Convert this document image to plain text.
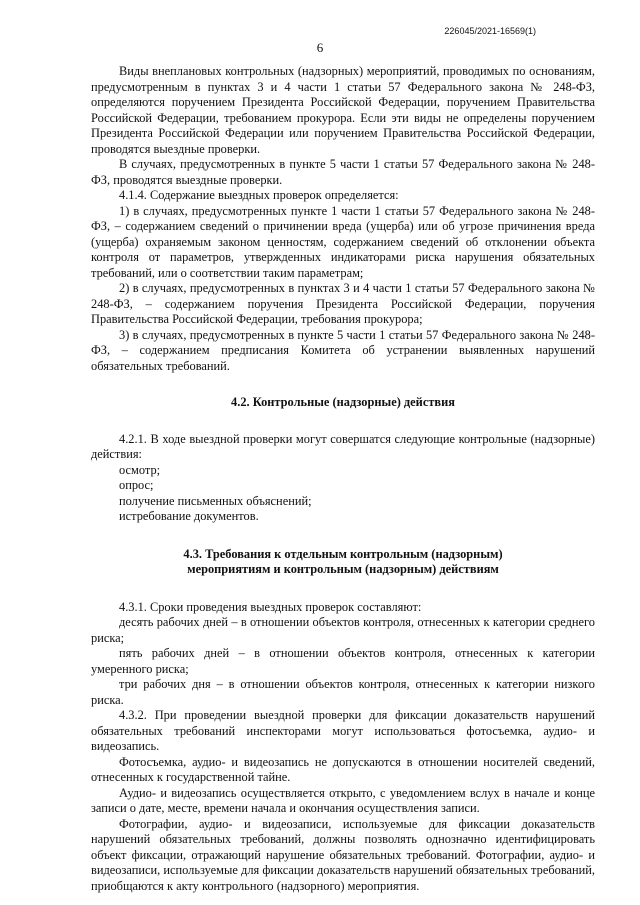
226045/2021-16569(1)
6

Виды внеплановых контрольных (надзорных) мероприятий, проводимых по основаниям, предусмотренным в пунктах 3 и 4 части 1 статьи 57 Федерального закона № 248-ФЗ, определяются поручением Президента Российской Федерации, поручением Правительства Российской Федерации, требованием прокурора. Если эти виды не определены поручением Президента Российской Федерации или поручением Правительства Российской Федерации, проводятся выездные проверки.

В случаях, предусмотренных в пункте 5 части 1 статьи 57 Федерального закона № 248-ФЗ, проводятся выездные проверки.

4.1.4. Содержание выездных проверок определяется:

1) в случаях, предусмотренных пункте 1 части 1 статьи 57 Федерального закона № 248-ФЗ, – содержанием сведений о причинении вреда (ущерба) или об угрозе причинения вреда (ущерба) охраняемым законом ценностям, содержанием сведений об отклонении объекта контроля от параметров, утвержденных индикаторами риска нарушения обязательных требований, или о соответствии таким параметрам;

2) в случаях, предусмотренных в пунктах 3 и 4 части 1 статьи 57 Федерального закона № 248-ФЗ, – содержанием поручения Президента Российской Федерации, поручения Правительства Российской Федерации, требования прокурора;

3) в случаях, предусмотренных в пункте 5 части 1 статьи 57 Федерального закона № 248-ФЗ, – содержанием предписания Комитета об устранении выявленных нарушений обязательных требований.

4.2. Контрольные (надзорные) действия

4.2.1. В ходе выездной проверки могут совершатся следующие контрольные (надзорные) действия:

осмотр;

опрос;

получение письменных объяснений;

истребование документов.

4.3. Требования к отдельным контрольным (надзорным)

мероприятиям и контрольным (надзорным) действиям

4.3.1. Сроки проведения выездных проверок составляют:

десять рабочих дней – в отношении объектов контроля, отнесенных к категории среднего риска;

пять рабочих дней – в отношении объектов контроля, отнесенных к категории умеренного риска;

три рабочих дня – в отношении объектов контроля, отнесенных к категории низкого риска.

4.3.2. При проведении выездной проверки для фиксации доказательств нарушений обязательных требований инспекторами могут использоваться фотосъемка, аудио- и видеозапись.

Фотосъемка, аудио- и видеозапись не допускаются в отношении носителей сведений, отнесенных к государственной тайне.

Аудио- и видеозапись осуществляется открыто, с уведомлением вслух в начале и конце записи о дате, месте, времени начала и окончания осуществления записи.

Фотографии, аудио- и видеозаписи, используемые для фиксации доказательств нарушений обязательных требований, должны позволять однозначно идентифицировать объект фиксации, отражающий нарушение обязательных требований. Фотографии, аудио- и видеозаписи, используемые для фиксации доказательств нарушений обязательных требований, приобщаются к акту контрольного (надзорного) мероприятия.
